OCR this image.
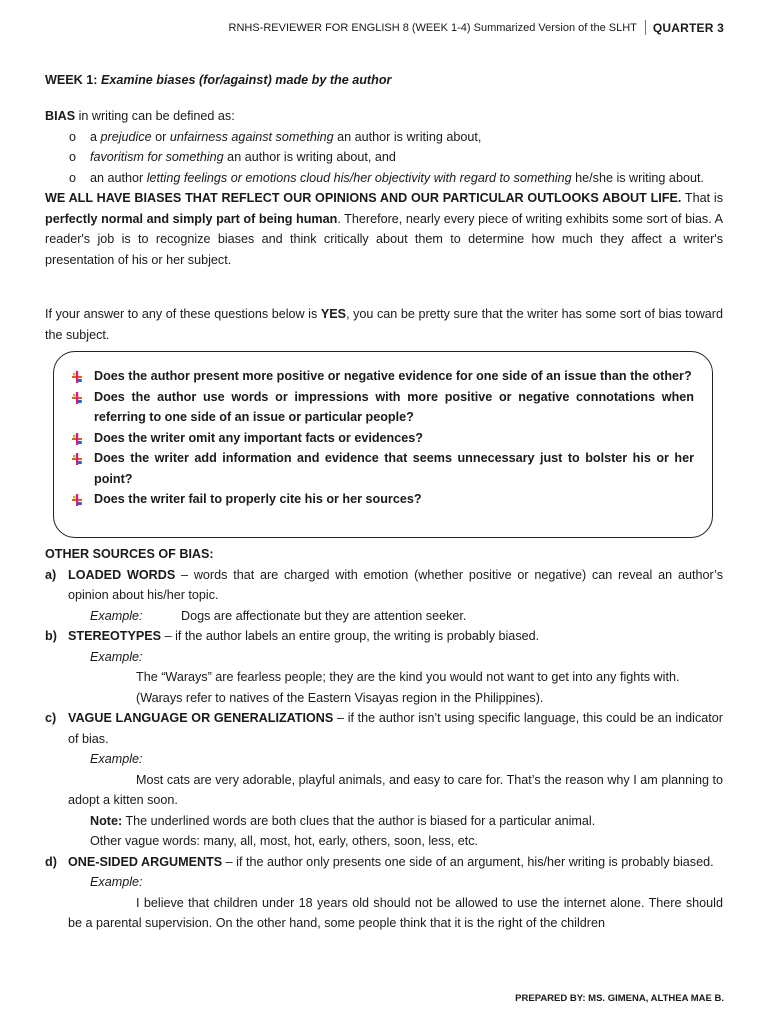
RNHS-REVIEWER FOR ENGLISH 8 (WEEK 1-4) Summarized Version of the SLHT QUARTER 3

WEEK 1: Examine biases (for/against) made by the author

BIAS in writing can be defined as:

o a prejudice or unfairness against something an author is writing about,
o favoritism for something an author is writing about, and
o an author letting feelings or emotions cloud his/her objectivity with regard to something he/she is writing about.

WE ALL HAVE BIASES THAT REFLECT OUR OPINIONS AND OUR PARTICULAR OUTLOOKS ABOUT LIFE. That is perfectly normal and simply part of being human. Therefore, nearly every piece of writing exhibits some sort of bias. A reader's job is to recognize biases and think critically about them to determine how much they affect a writer's presentation of his or her subject.

If your answer to any of these questions below is YES, you can be pretty sure that the writer has some sort of bias toward the subject.

Does the author present more positive or negative evidence for one side of an issue than the other?
Does the author use words or impressions with more positive or negative connotations when referring to one side of an issue or particular people?
Does the writer omit any important facts or evidences?
Does the writer add information and evidence that seems unnecessary just to bolster his or her point?
Does the writer fail to properly cite his or her sources?

OTHER SOURCES OF BIAS:

a) LOADED WORDS – words that are charged with emotion (whether positive or negative) can reveal an author’s opinion about his/her topic.

Example:	Dogs are affectionate but they are attention seeker.
b) STEREOTYPES – if the author labels an entire group, the writing is probably biased.

Example:

The “Warays” are fearless people; they are the kind you would not want to get into any fights with.

(Warays refer to natives of the Eastern Visayas region in the Philippines).

c) VAGUE LANGUAGE OR GENERALIZATIONS – if the author isn’t using specific language, this could be an indicator of bias.

Example:

Most cats are very adorable, playful animals, and easy to care for. That’s the reason why I am planning to adopt a kitten soon.

Note: The underlined words are both clues that the author is biased for a particular animal.

Other vague words: many, all, most, hot, early, others, soon, less, etc.

d) ONE-SIDED ARGUMENTS – if the author only presents one side of an argument, his/her writing is probably biased.

Example:

I believe that children under 18 years old should not be allowed to use the internet alone. There should be a parental supervision. On the other hand, some people think that it is the right of the children

PREPARED BY: MS. GIMENA, ALTHEA MAE B.
